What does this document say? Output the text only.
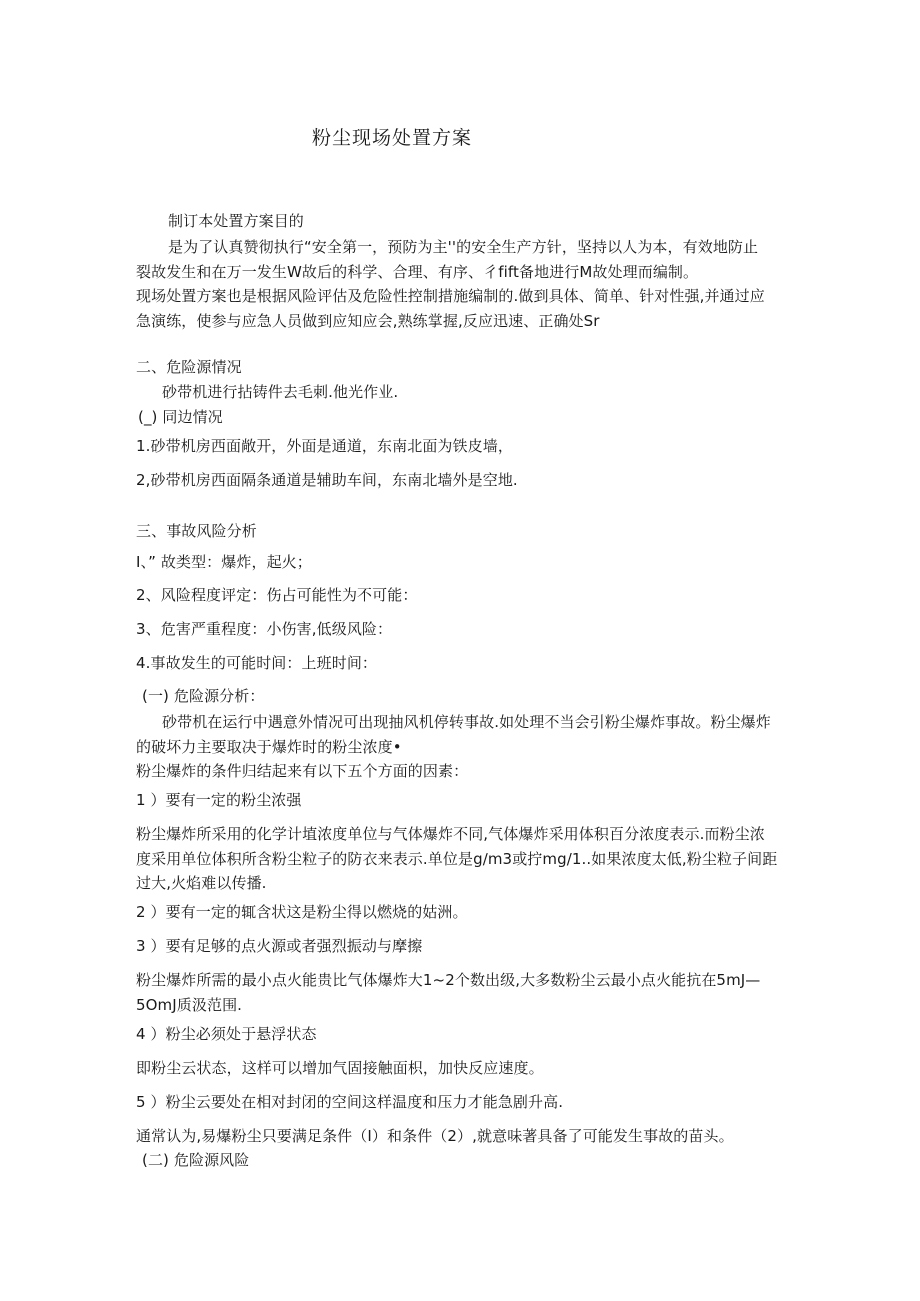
粉尘现场处置方案
制订本处置方案目的
是为了认真赞彻执行“安全第一，预防为主''的安全生产方针，坚持以人为本，有效地防止
裂故发生和在万一发生W故后的科学、合理、有序、彳fift备地进行M故处理而编制。
现场处置方案也是根据风险评估及危险性控制措施编制的.做到具体、简单、针对性强,并通过应
急演练，使参与应急人员做到应知应会,熟练掌握,反应迅速、正确处Sr
二、危险源情况
砂带机进行拈铸件去毛刺.他光作业.
(_) 同边情况
1.砂带机房西面敞开，外面是通道，东南北面为铁皮墙，
2,砂带机房西面隔条通道是辅助车间，东南北墙外是空地.
三、事故风险分析
I、” 故类型：爆炸，起火；
2、风险程度评定：伤占可能性为不可能：
3、危害严重程度：小伤害,低级风险：
4.事故发生的可能时间：上班时间：
(一) 危险源分析：
砂带机在运行中遇意外情况可出现抽风机停转事故.如处理不当会引粉尘爆炸事故。粉尘爆炸
的破坏力主要取决于爆炸时的粉尘浓度•
粉尘爆炸的条件归结起来有以下五个方面的因素：
1 ）要有一定的粉尘浓强
粉尘爆炸所采用的化学计埴浓度单位与气体爆炸不同,气体爆炸采用体积百分浓度表示.而粉尘浓
度采用单位体积所含粉尘粒子的防衣来表示.单位是g∕m3或拧mg/1..如果浓度太低,粉尘粒子间距
过大,火焰难以传播.
2 ）要有一定的辄含状这是粉尘得以燃烧的姑洲。
3 ）要有足够的点火源或者强烈振动与摩擦
粉尘爆炸所需的最小点火能贵比气体爆炸大1~2个数出级,大多数粉尘云最小点火能抗在5mJ—
5OmJ质汲范围.
4 ）粉尘必须处于悬浮状态
即粉尘云状态，这样可以增加气固接触面枳，加快反应速度。
5 ）粉尘云要处在相对封闭的空间这样温度和压力才能急剧升高.
通常认为,易爆粉尘只要满足条件（I）和条件（2）,就意味著具备了可能发生事故的苗头。
(二) 危险源风险
